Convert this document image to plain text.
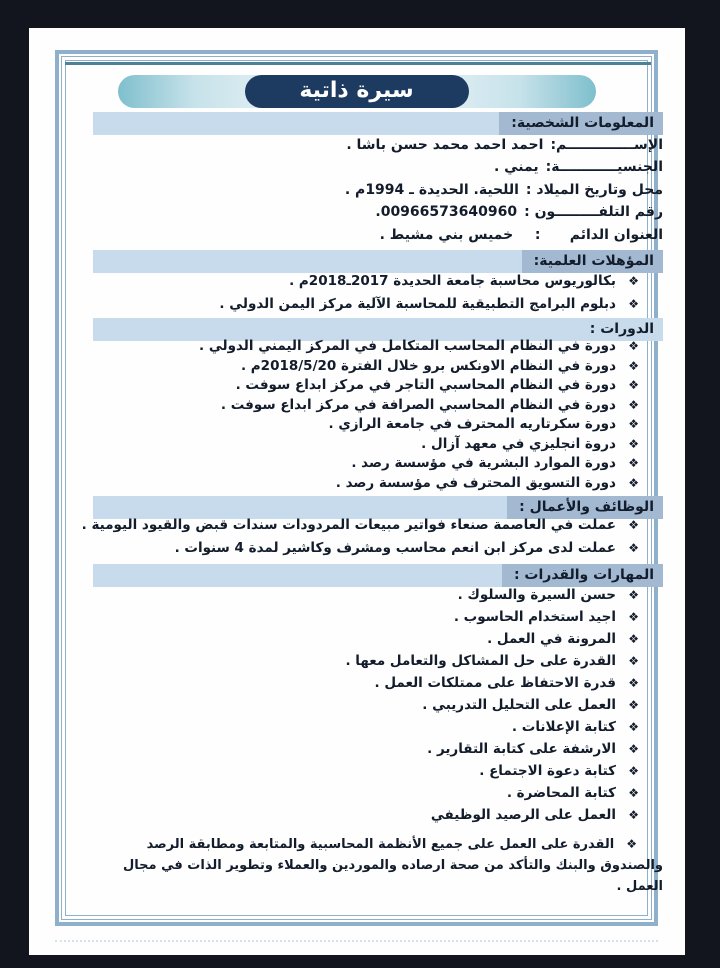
سيرة ذاتية
المعلومات الشخصية:
الإســــــــــــــم:احمد احمد محمد حسن باشا .
الجنسيــــــــــــة:يمني .
محل وتاريخ الميلاد :اللحية. الحديدة ـ 1994م .
رقم التلفـــــــــون :00966573640960.
العنوان الدائم      :   خميس بني مشيط .
المؤهلات العلمية:
❖
بكالوريوس محاسبة جامعة الحديدة 2017ـ2018م .
❖
دبلوم البرامج التطبيقية للمحاسبة الآلية مركز اليمن الدولي .
الدورات :
❖
دورة في النظام المحاسب المتكامل في المركز اليمني الدولي .
❖
دورة في النظام الاونكس برو خلال الفترة 2018/5/20م .
❖
دورة في النظام المحاسبي التاجر في مركز ابداع سوفت .
❖
دورة في النظام المحاسبي الصرافة في مركز ابداع سوفت .
❖
دورة سكرتاريه المحترف في جامعة الرازي .
❖
دروة انجليزي في معهد آزال .
❖
دورة الموارد البشرية في مؤسسة رصد .
❖
دورة التسويق المحترف في مؤسسة رصد .
الوظائف والأعمال :
❖
عملت في العاصمة صنعاء فواتير مبيعات المردودات سندات قبض والقيود اليومية .
❖
عملت لدى مركز ابن انعم محاسب ومشرف وكاشير لمدة 4 سنوات .
المهارات والقدرات :
❖
حسن السيرة والسلوك .
❖
اجيد استخدام الحاسوب .
❖
المرونة في العمل .
❖
القدرة على حل المشاكل والتعامل معها .
❖
قدرة الاحتفاظ على ممتلكات العمل .
❖
العمل على التحليل التدريبي .
❖
كتابة الإعلانات .
❖
الارشفة على كتابة التقارير .
❖
كتابة دعوة الاجتماع .
❖
كتابة المحاضرة .
❖
العمل على الرصيد الوظيفي

❖القدرة على العمل على جميع الأنظمة المحاسبية والمتابعة ومطابقة الرصد والصندوق والبنك والتأكد من صحة ارصاده والموردين والعملاء وتطوير الذات في مجال العمل .
